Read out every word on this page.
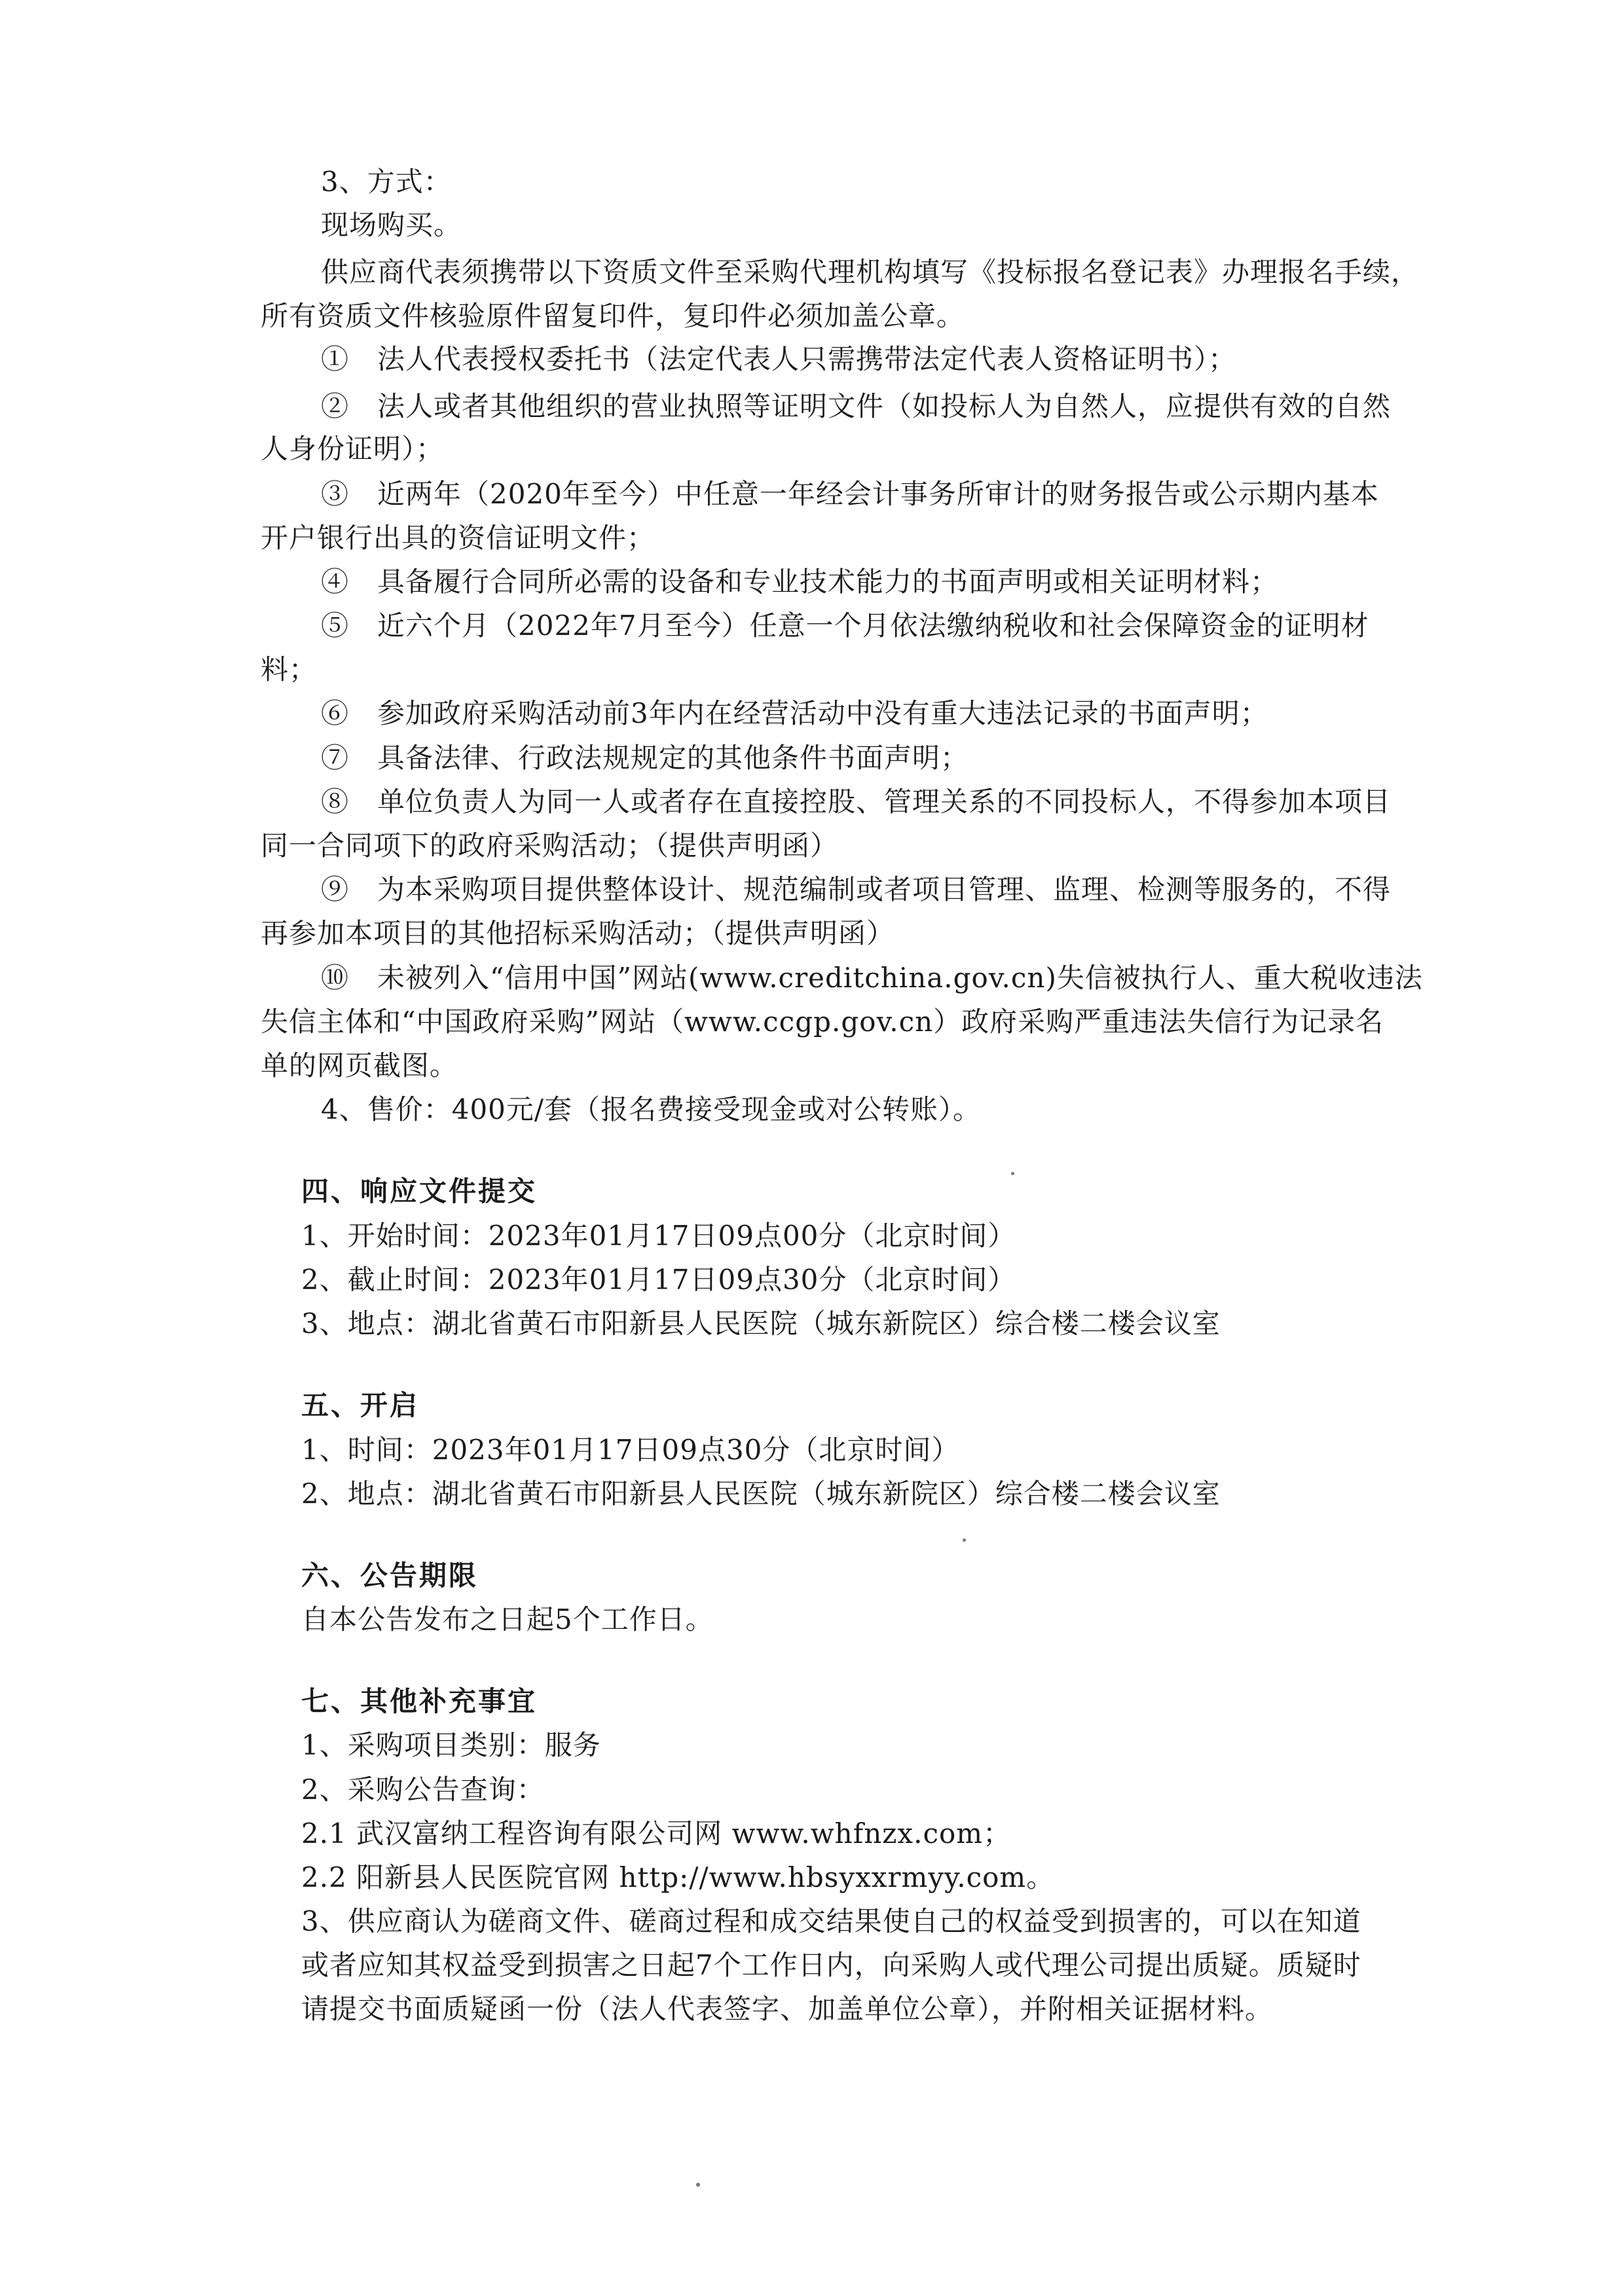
3、方式：
现场购买。
供应商代表须携带以下资质文件至采购代理机构填写《投标报名登记表》办理报名手续，
所有资质文件核验原件留复印件，复印件必须加盖公章。
①　法人代表授权委托书（法定代表人只需携带法定代表人资格证明书）；
②　法人或者其他组织的营业执照等证明文件（如投标人为自然人，应提供有效的自然
人身份证明）；
③　近两年（2020年至今）中任意一年经会计事务所审计的财务报告或公示期内基本
开户银行出具的资信证明文件；
④　具备履行合同所必需的设备和专业技术能力的书面声明或相关证明材料；
⑤　近六个月（2022年7月至今）任意一个月依法缴纳税收和社会保障资金的证明材
料；
⑥　参加政府采购活动前3年内在经营活动中没有重大违法记录的书面声明；
⑦　具备法律、行政法规规定的其他条件书面声明；
⑧　单位负责人为同一人或者存在直接控股、管理关系的不同投标人，不得参加本项目
同一合同项下的政府采购活动；（提供声明函）
⑨　为本采购项目提供整体设计、规范编制或者项目管理、监理、检测等服务的，不得
再参加本项目的其他招标采购活动；（提供声明函）
⑩　未被列入“信用中国”网站(www.creditchina.gov.cn)失信被执行人、重大税收违法
失信主体和“中国政府采购”网站（www.ccgp.gov.cn）政府采购严重违法失信行为记录名
单的网页截图。
4、售价：400元/套（报名费接受现金或对公转账）。
四、响应文件提交
1、开始时间：2023年01月17日09点00分（北京时间）
2、截止时间：2023年01月17日09点30分（北京时间）
3、地点：湖北省黄石市阳新县人民医院（城东新院区）综合楼二楼会议室
五、开启
1、时间：2023年01月17日09点30分（北京时间）
2、地点：湖北省黄石市阳新县人民医院（城东新院区）综合楼二楼会议室
六、公告期限
自本公告发布之日起5个工作日。
七、其他补充事宜
1、采购项目类别：服务
2、采购公告查询：
2.1 武汉富纳工程咨询有限公司网 www.whfnzx.com；
2.2 阳新县人民医院官网 http://www.hbsyxxrmyy.com。
3、供应商认为磋商文件、磋商过程和成交结果使自己的权益受到损害的，可以在知道
或者应知其权益受到损害之日起7个工作日内，向采购人或代理公司提出质疑。质疑时
请提交书面质疑函一份（法人代表签字、加盖单位公章），并附相关证据材料。
